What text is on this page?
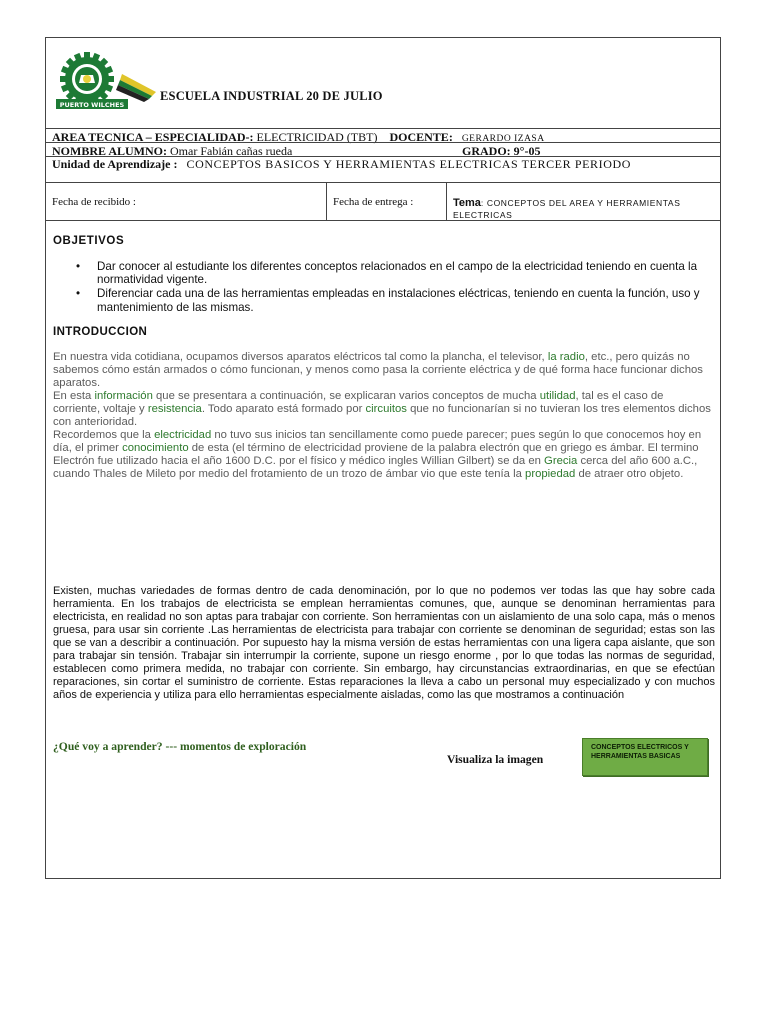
PUERTO WILCHES
ESCUELA INDUSTRIAL 20 DE JULIO
AREA TECNICA – ESPECIALIDAD-: ELECTRICIDAD (TBT) DOCENTE: GERARDO IZASA
NOMBRE ALUMNO: Omar Fabián cañas rueda	GRADO: 9°-05
Unidad de Aprendizaje : CONCEPTOS BASICOS Y HERRAMIENTAS ELECTRICAS TERCER PERIODO
Fecha de recibido :	Fecha de entrega :	Tema: CONCEPTOS DEL AREA Y HERRAMIENTAS ELECTRICAS
OBJETIVOS
• Dar conocer al estudiante los diferentes conceptos relacionados en el campo de la electricidad teniendo en cuenta la normatividad vigente.
• Diferenciar cada una de las herramientas empleadas en instalaciones eléctricas, teniendo en cuenta la función, uso y mantenimiento de las mismas.
INTRODUCCION
En nuestra vida cotidiana, ocupamos diversos aparatos eléctricos tal como la plancha, el televisor, la radio, etc., pero quizás no sabemos cómo están armados o cómo funcionan, y menos como pasa la corriente eléctrica y de qué forma hace funcionar dichos aparatos.
En esta información que se presentara a continuación, se explicaran varios conceptos de mucha utilidad, tal es el caso de
corriente, voltaje y resistencia. Todo aparato está formado por circuitos que no funcionarían si no tuvieran los tres elementos dichos con anterioridad.
Recordemos que la electricidad no tuvo sus inicios tan sencillamente como puede parecer; pues según lo que conocemos hoy en día, el primer conocimiento de esta (el término de electricidad proviene de la palabra electrón que en griego es ámbar. El termino Electrón fue utilizado hacia el año 1600 D.C. por el físico y médico ingles Willian Gilbert) se da en Grecia cerca del año 600 a.C., cuando Thales de Mileto por medio del frotamiento de un trozo de ámbar vio que este tenía la propiedad de atraer otro objeto.
Existen, muchas variedades de formas dentro de cada denominación, por lo que no podemos ver todas las que hay sobre cada herramienta. En los trabajos de electricista se emplean herramientas comunes, que, aunque se denominan herramientas para electricista, en realidad no son aptas para trabajar con corriente. Son herramientas con un aislamiento de una solo capa, más o menos gruesa, para usar sin corriente .Las herramientas de electricista para trabajar con corriente se denominan de seguridad; estas son las que se van a describir a continuación. Por supuesto hay la misma versión de estas herramientas con una ligera capa aislante, que son para trabajar sin tensión. Trabajar sin interrumpir la corriente, supone un riesgo enorme , por lo que todas las normas de seguridad, establecen como primera medida, no trabajar con corriente. Sin embargo, hay circunstancias extraordinarias, en que se efectúan reparaciones, sin cortar el suministro de corriente. Estas reparaciones la lleva a cabo un personal muy especializado y con muchos años de experiencia y utiliza para ello herramientas especialmente aisladas, como las que mostramos a continuación
¿Qué voy a aprender? --- momentos de exploración
Visualiza la imagen
CONCEPTOS ELECTRICOS Y HERRAMIENTAS BASICAS
